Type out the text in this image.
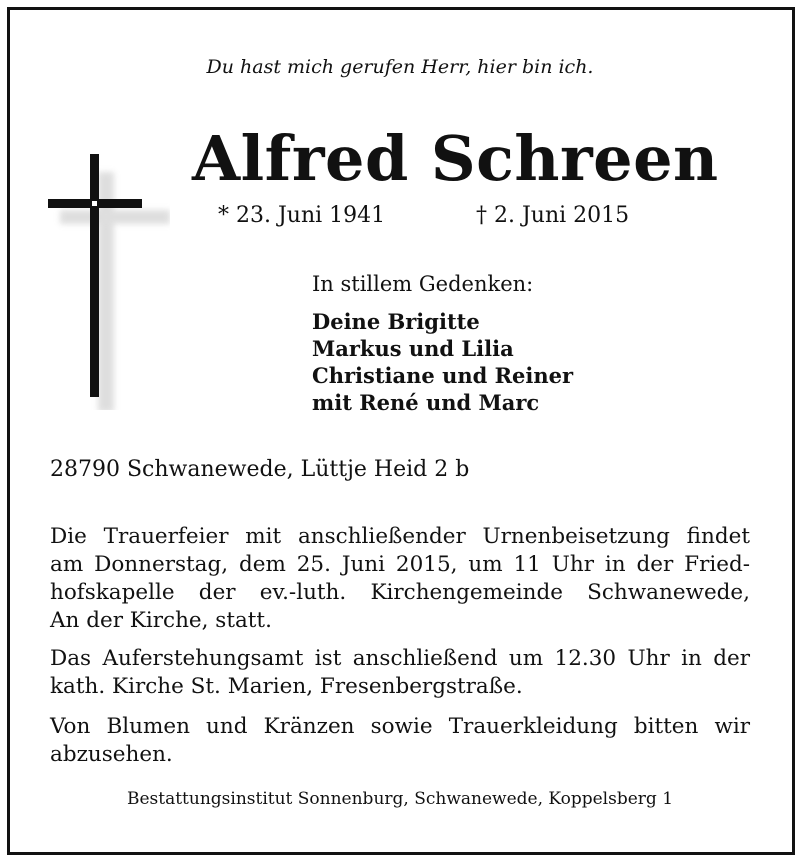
Du hast mich gerufen Herr, hier bin ich.
Alfred Schreen
* 23. Juni 1941	† 2. Juni 2015
In stillem Gedenken:
Deine Brigitte
Markus und Lilia
Christiane und Reiner
mit René und Marc
28790 Schwanewede, Lüttje Heid 2 b
Die Trauerfeier mit anschließender Urnenbeisetzung findet
am Donnerstag, dem 25. Juni 2015, um 11 Uhr in der Fried-
hofskapelle der ev.-luth. Kirchengemeinde Schwanewede,
An der Kirche, statt.
Das Auferstehungsamt ist anschließend um 12.30 Uhr in der
kath. Kirche St. Marien, Fresenbergstraße.
Von Blumen und Kränzen sowie Trauerkleidung bitten wir
abzusehen.
Bestattungsinstitut Sonnenburg, Schwanewede, Koppelsberg 1
